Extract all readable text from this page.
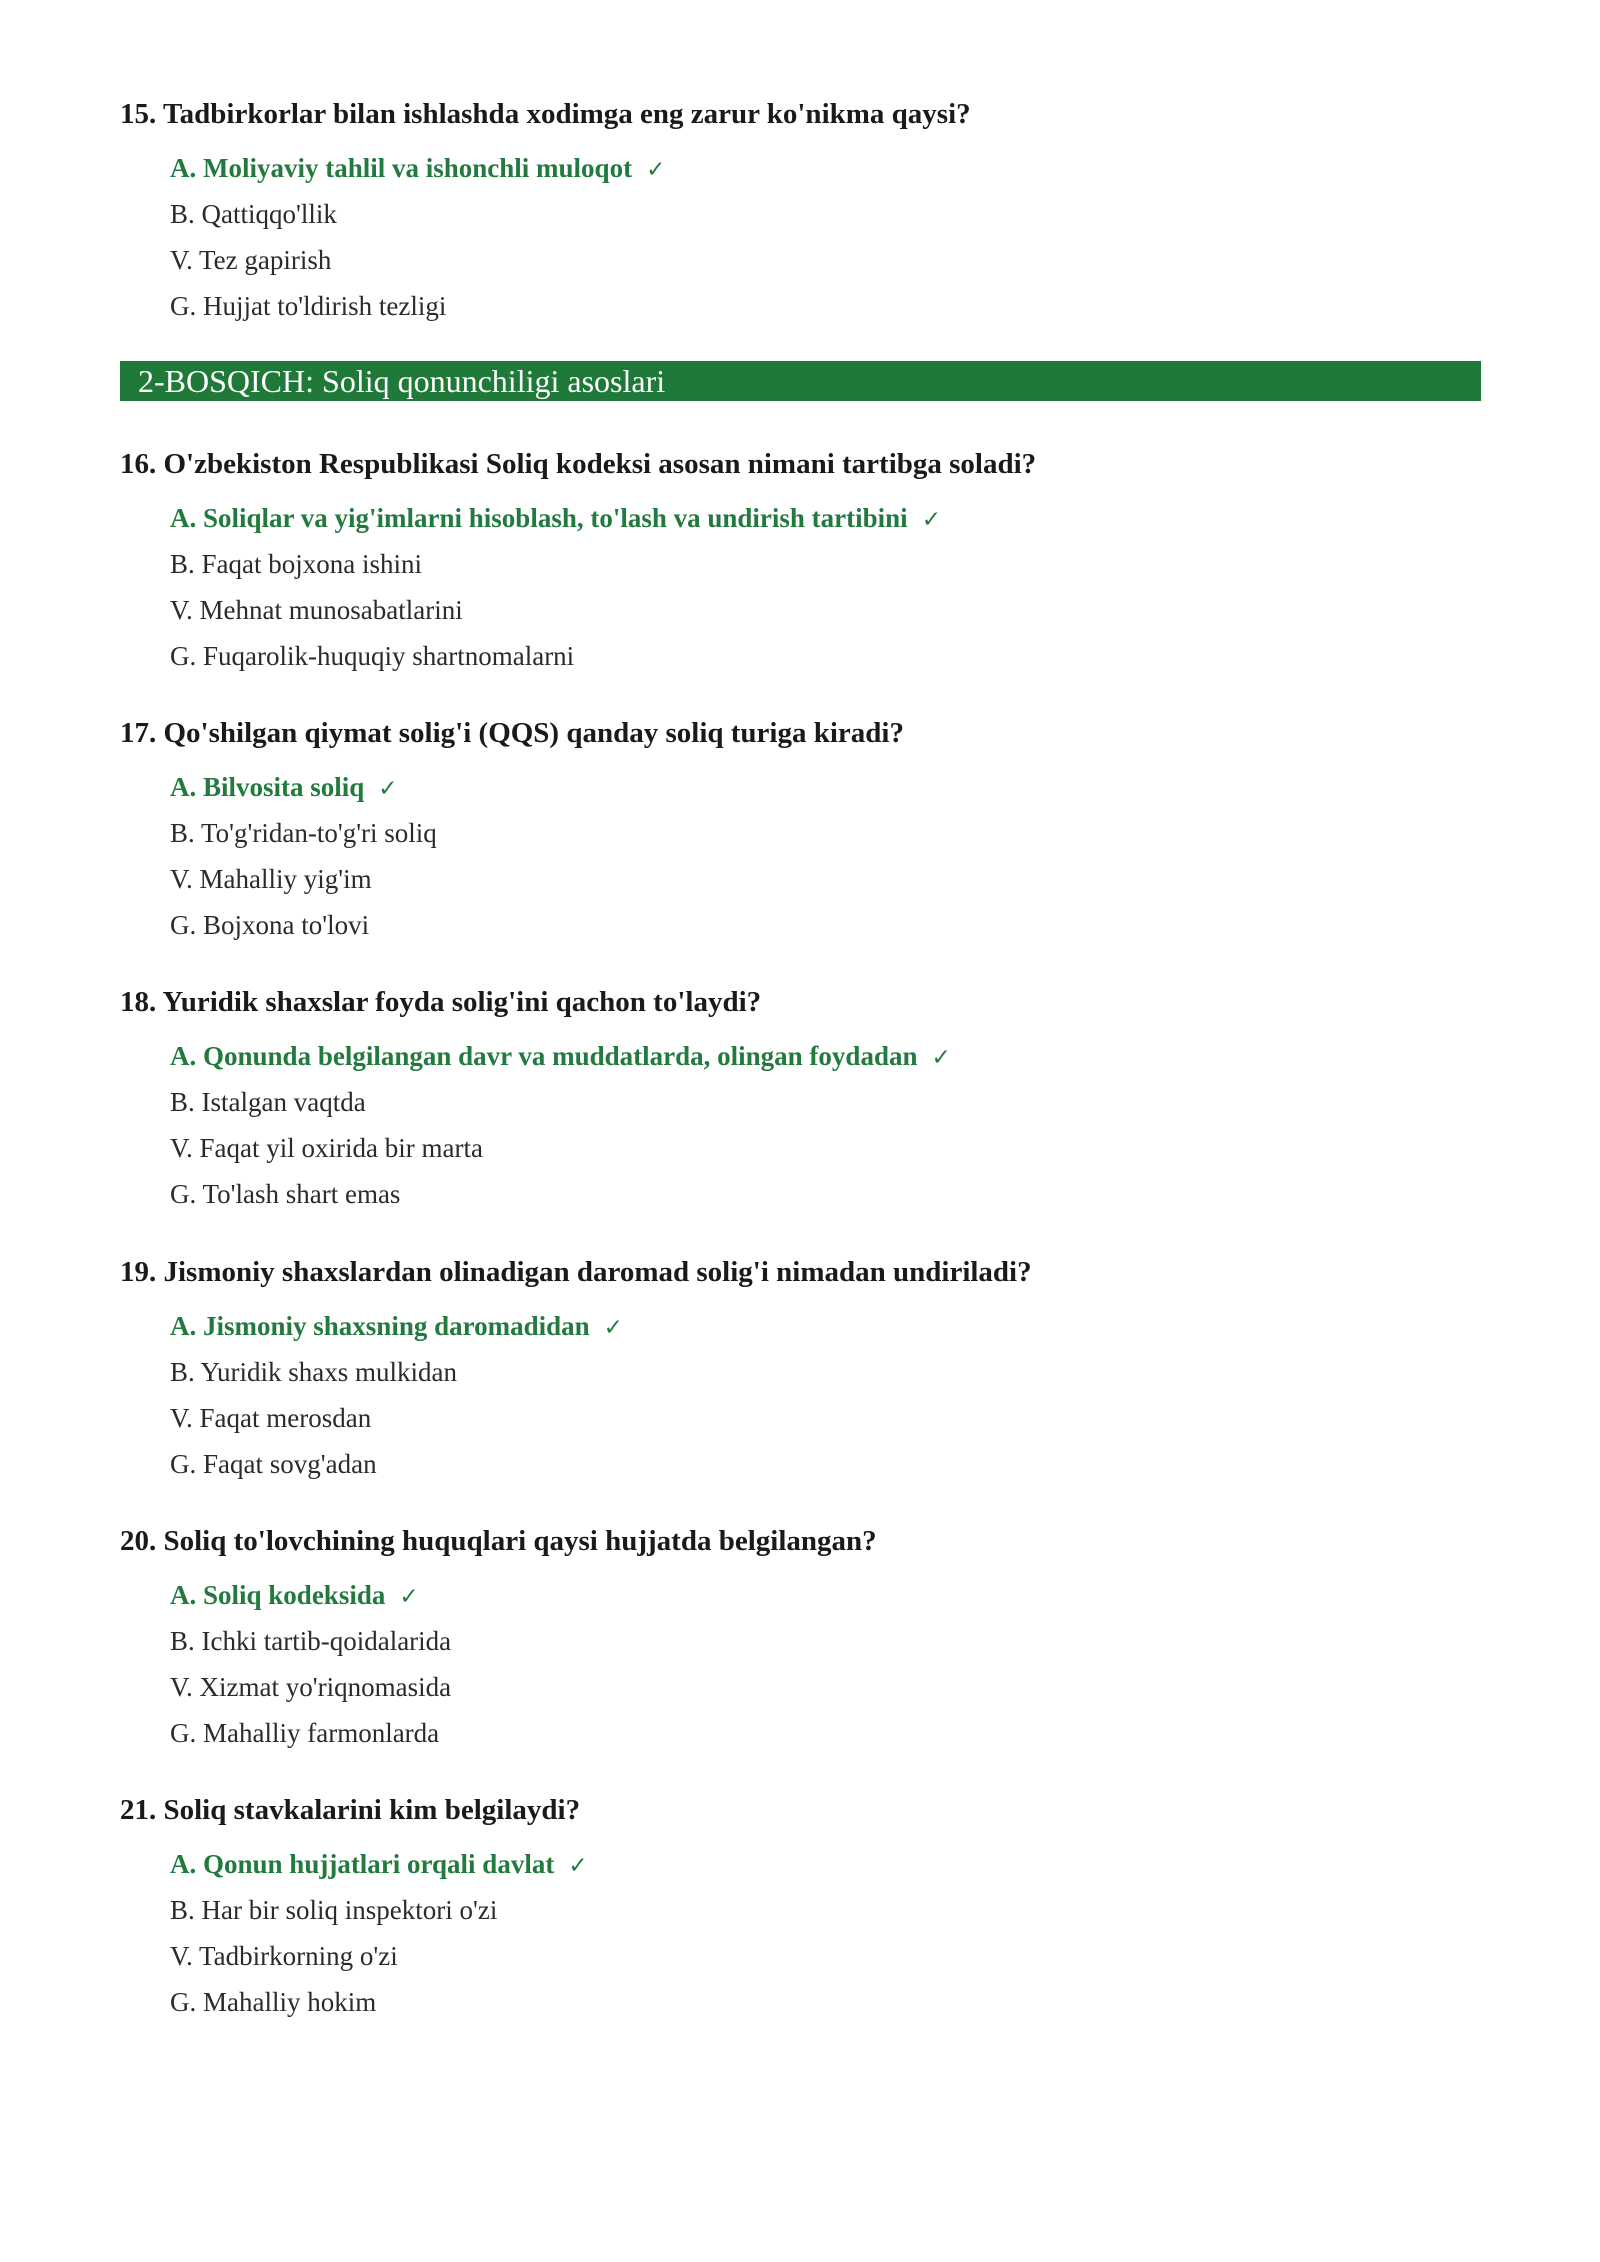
15. Tadbirkorlar bilan ishlashda xodimga eng zarur ko'nikma qaysi?
A. Moliyaviy tahlil va ishonchli muloqot ✓
B. Qattiqqo'llik
V. Tez gapirish
G. Hujjat to'ldirish tezligi
2-BOSQICH: Soliq qonunchiligi asoslari
16. O'zbekiston Respublikasi Soliq kodeksi asosan nimani tartibga soladi?
A. Soliqlar va yig'imlarni hisoblash, to'lash va undirish tartibini ✓
B. Faqat bojxona ishini
V. Mehnat munosabatlarini
G. Fuqarolik-huquqiy shartnomalarni
17. Qo'shilgan qiymat solig'i (QQS) qanday soliq turiga kiradi?
A. Bilvosita soliq ✓
B. To'g'ridan-to'g'ri soliq
V. Mahalliy yig'im
G. Bojxona to'lovi
18. Yuridik shaxslar foyda solig'ini qachon to'laydi?
A. Qonunda belgilangan davr va muddatlarda, olingan foydadan ✓
B. Istalgan vaqtda
V. Faqat yil oxirida bir marta
G. To'lash shart emas
19. Jismoniy shaxslardan olinadigan daromad solig'i nimadan undiriladi?
A. Jismoniy shaxsning daromadidan ✓
B. Yuridik shaxs mulkidan
V. Faqat merosdan
G. Faqat sovg'adan
20. Soliq to'lovchining huquqlari qaysi hujjatda belgilangan?
A. Soliq kodeksida ✓
B. Ichki tartib-qoidalarida
V. Xizmat yo'riqnomasida
G. Mahalliy farmonlarda
21. Soliq stavkalarini kim belgilaydi?
A. Qonun hujjatlari orqali davlat ✓
B. Har bir soliq inspektori o'zi
V. Tadbirkorning o'zi
G. Mahalliy hokim
